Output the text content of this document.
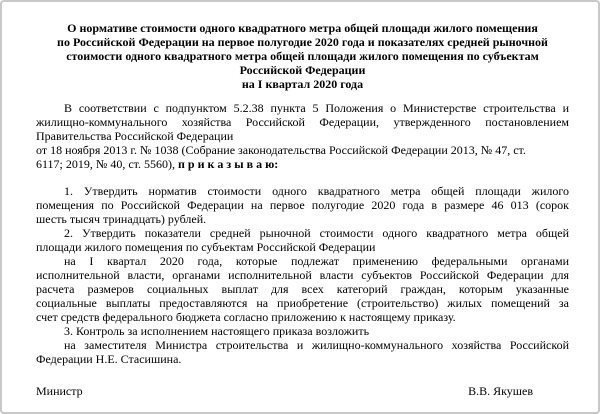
О нормативе стоимости одного квадратного метра общей площади жилого помещения
по Российской Федерации на первое полугодие 2020 года и показателях средней рыночной
стоимости одного квадратного метра общей площади жилого помещения по субъектам
Российской Федерации
на I квартал 2020 года
В соответствии с подпунктом 5.2.38 пункта 5 Положения о Министерстве строительства и
жилищно-коммунального хозяйства Российской Федерации, утвержденного постановлением
Правительства Российской Федерации
от 18 ноября 2013 г. № 1038 (Собрание законодательства Российской Федерации 2013, № 47, ст.
6117; 2019, № 40, ст. 5560), п р и к а з ы в а ю:
1. Утвердить норматив стоимости одного квадратного метра общей площади жилого
помещения по Российской Федерации на первое полугодие 2020 года в размере 46 013 (сорок
шесть тысяч тринадцать) рублей.
2. Утвердить показатели средней рыночной стоимости одного квадратного метра общей
площади жилого помещения по субъектам Российской Федерации
на I квартал 2020 года, которые подлежат применению федеральными органами
исполнительной власти, органами исполнительной власти субъектов Российской Федерации для
расчета размеров социальных выплат для всех категорий граждан, которым указанные
социальные выплаты предоставляются на приобретение (строительство) жилых помещений за
счет средств федерального бюджета согласно приложению к настоящему приказу.
3. Контроль за исполнением настоящего приказа возложить
на заместителя Министра строительства и жилищно-коммунального хозяйства Российской
Федерации Н.Е. Стасишина.
Министр	В.В. Якушев
